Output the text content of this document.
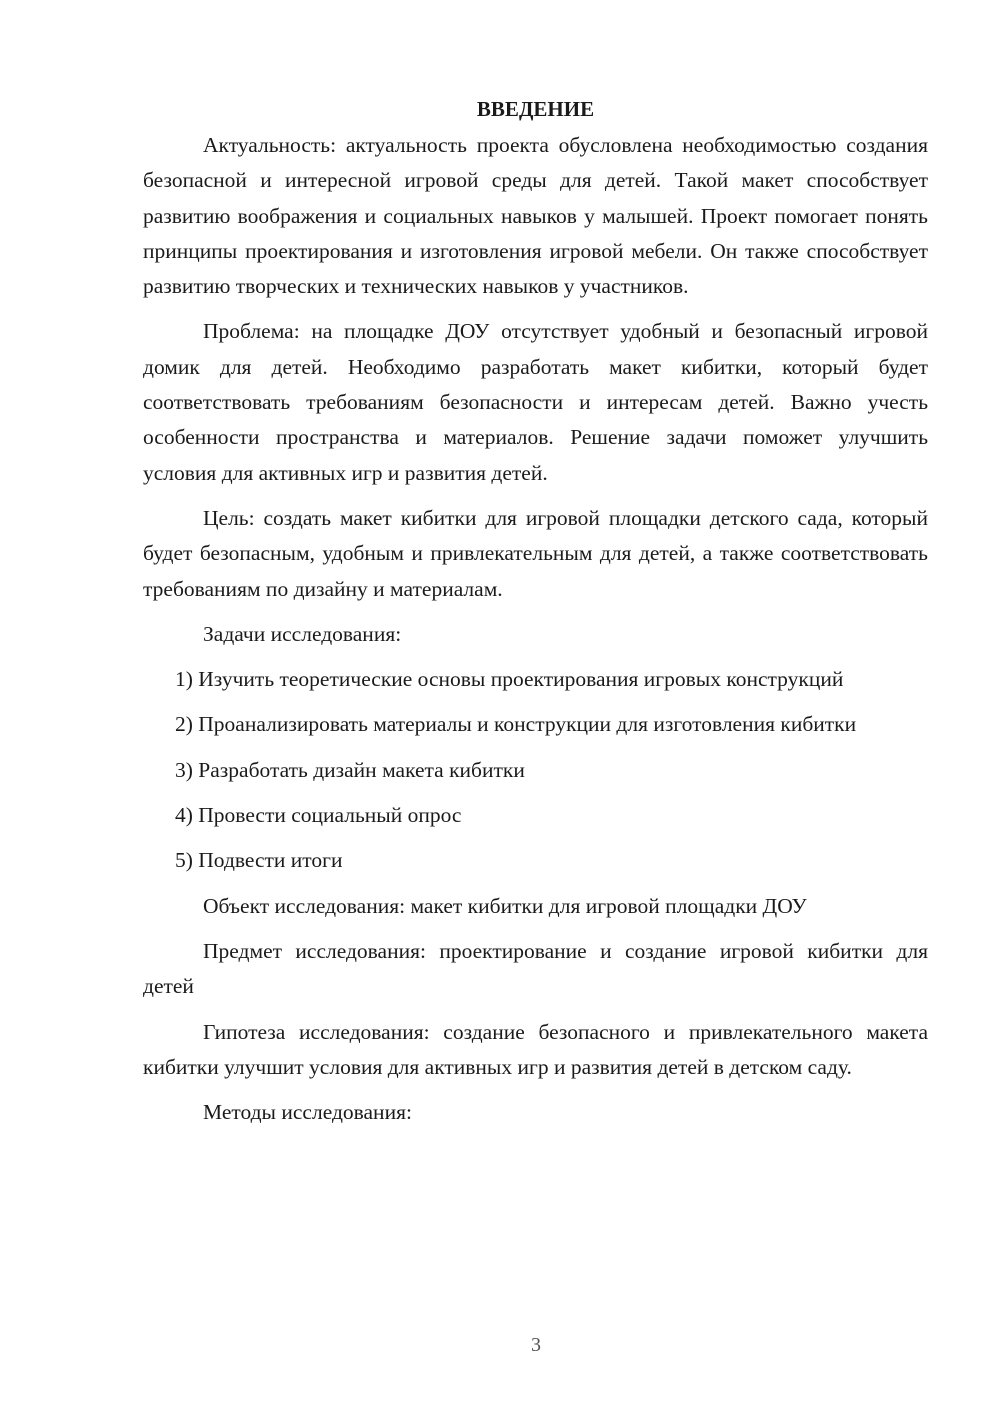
ВВЕДЕНИЕ

Актуальность: актуальность проекта обусловлена необходимостью создания безопасной и интересной игровой среды для детей. Такой макет способствует развитию воображения и социальных навыков у малышей. Проект помогает понять принципы проектирования и изготовления игровой мебели. Он также способствует развитию творческих и технических навыков у участников.

Проблема: на площадке ДОУ отсутствует удобный и безопасный игровой домик для детей. Необходимо разработать макет кибитки, который будет соответствовать требованиям безопасности и интересам детей. Важно учесть особенности пространства и материалов. Решение задачи поможет улучшить условия для активных игр и развития детей.

Цель: создать макет кибитки для игровой площадки детского сада, который будет безопасным, удобным и привлекательным для детей, а также соответствовать требованиям по дизайну и материалам.

Задачи исследования:

1) Изучить теоретические основы проектирования игровых конструкций

2) Проанализировать материалы и конструкции для изготовления кибитки

3) Разработать дизайн макета кибитки

4) Провести социальный опрос

5) Подвести итоги

Объект исследования: макет кибитки для игровой площадки ДОУ

Предмет исследования: проектирование и создание игровой кибитки для детей

Гипотеза исследования: создание безопасного и привлекательного макета кибитки улучшит условия для активных игр и развития детей в детском саду.

Методы исследования:

3
